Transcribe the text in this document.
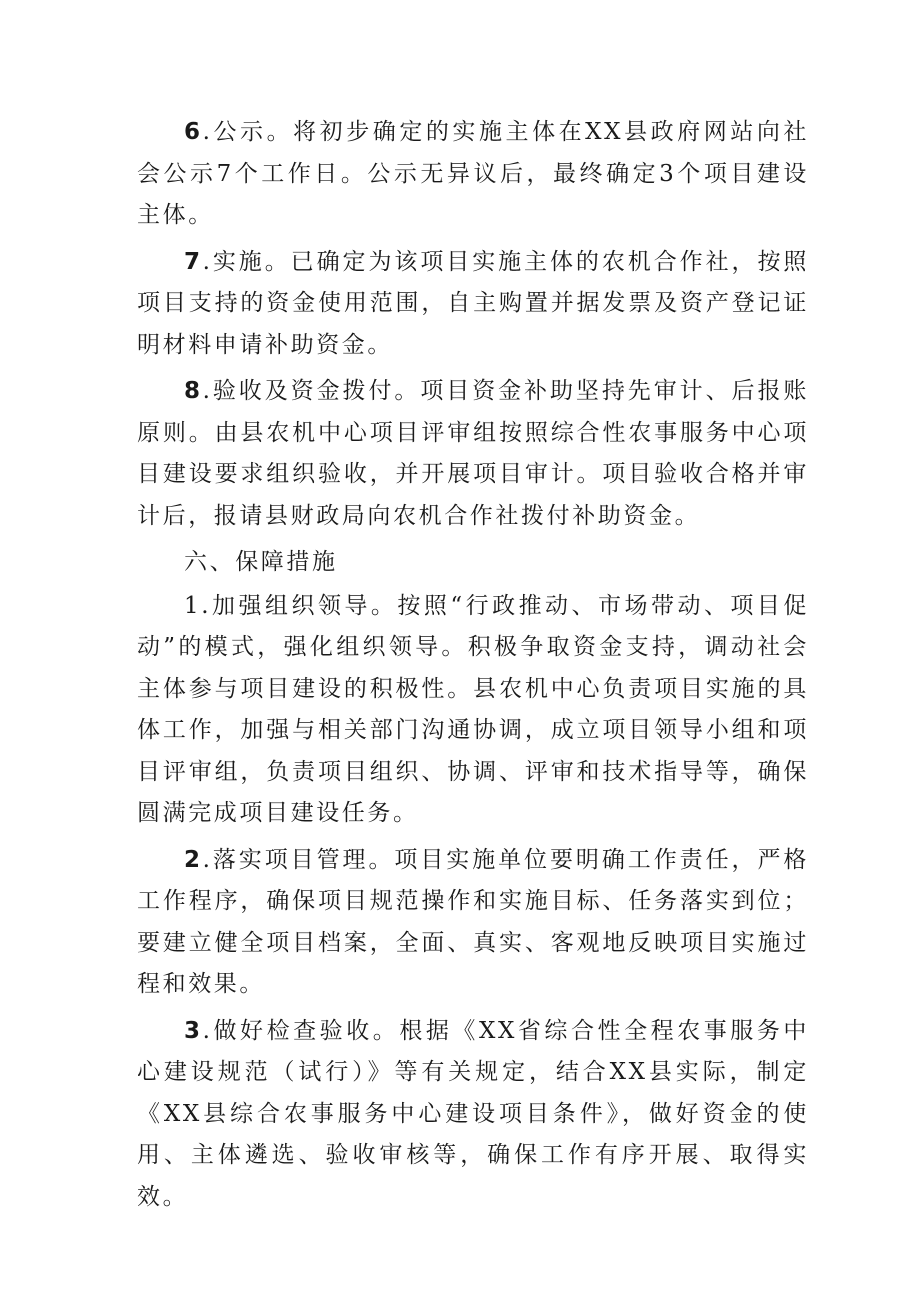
6.公示。将初步确定的实施主体在XX县政府网站向社会公示7个工作日。公示无异议后，最终确定3个项目建设主体。

7.实施。已确定为该项目实施主体的农机合作社，按照项目支持的资金使用范围，自主购置并据发票及资产登记证明材料申请补助资金。

8.验收及资金拨付。项目资金补助坚持先审计、后报账原则。由县农机中心项目评审组按照综合性农事服务中心项目建设要求组织验收，并开展项目审计。项目验收合格并审计后，报请县财政局向农机合作社拨付补助资金。

六、保障措施

1.加强组织领导。按照“行政推动、市场带动、项目促动”的模式，强化组织领导。积极争取资金支持，调动社会主体参与项目建设的积极性。县农机中心负责项目实施的具体工作，加强与相关部门沟通协调，成立项目领导小组和项目评审组，负责项目组织、协调、评审和技术指导等，确保圆满完成项目建设任务。

2.落实项目管理。项目实施单位要明确工作责任，严格工作程序，确保项目规范操作和实施目标、任务落实到位；要建立健全项目档案，全面、真实、客观地反映项目实施过程和效果。

3.做好检查验收。根据《XX省综合性全程农事服务中心建设规范（试行）》等有关规定，结合XX县实际，制定《XX县综合农事服务中心建设项目条件》，做好资金的使用、主体遴选、验收审核等，确保工作有序开展、取得实效。
